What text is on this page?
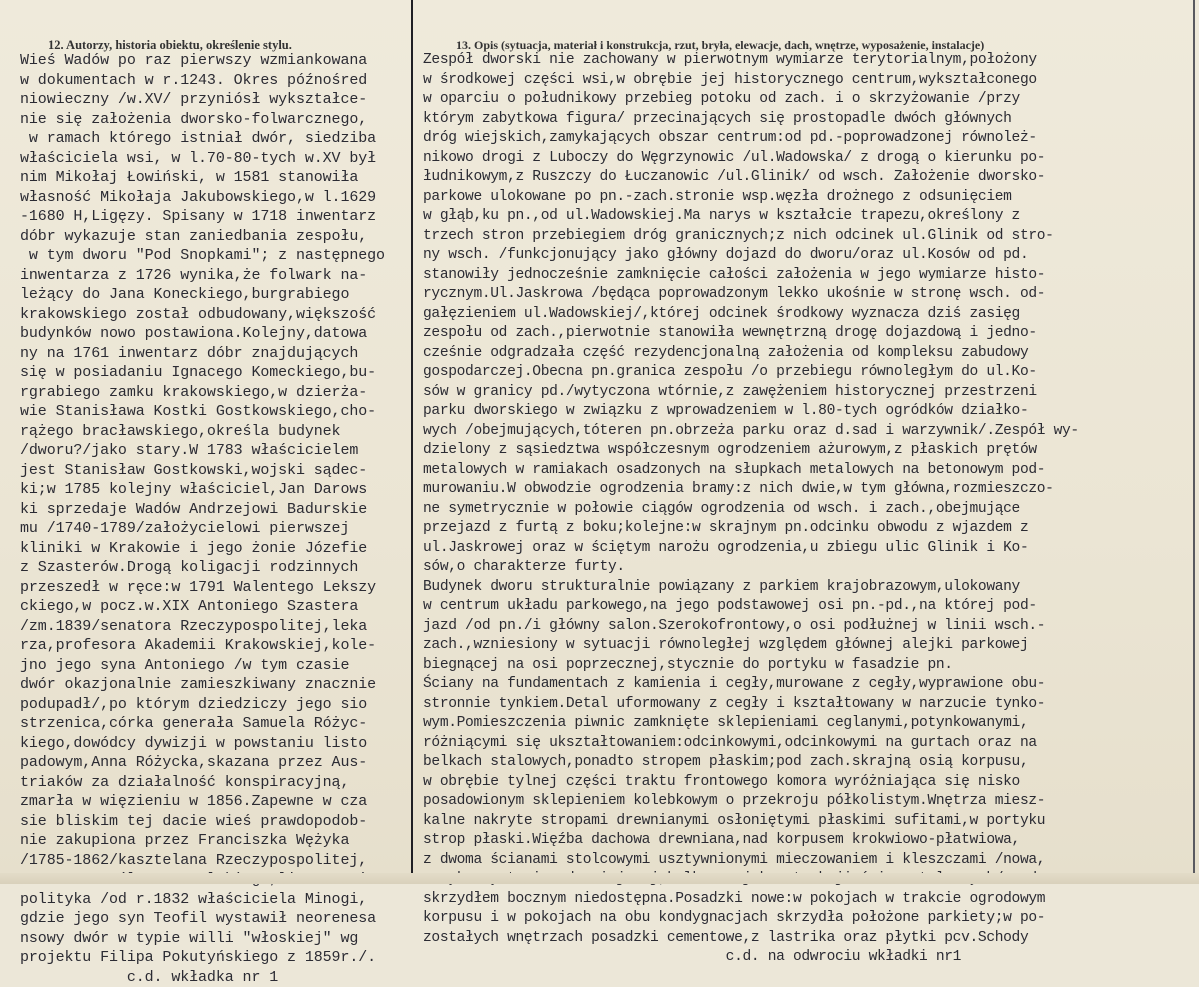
12. Autorzy, historia obiektu, określenie stylu.	13. Opis (sytuacja, materiał i konstrukcja, rzut, bryła, elewacje, dach, wnętrze, wyposażenie, instalacje)
Wieś Wadów po raz pierwszy wzmiankowana
w dokumentach w r.1243. Okres późnośred
niowieczny /w.XV/ przyniósł wykształce-
nie się założenia dworsko-folwarcznego,
w ramach którego istniał dwór, siedziba
właściciela wsi, w l.70-80-tych w.XV był
nim Mikołaj Łowiński, w 1581 stanowiła
własność Mikołaja Jakubowskiego,w l.1629
-1680 H,Ligęzy. Spisany w 1718 inwentarz
dóbr wykazuje stan zaniedbania zespołu,
w tym dworu "Pod Snopkami"; z następnego
inwentarza z 1726 wynika,że folwark na-
leżący do Jana Koneckiego,burgrabiego
krakowskiego został odbudowany,większość
budynków nowo postawiona.Kolejny,datowa
ny na 1761 inwentarz dóbr znajdujących
się w posiadaniu Ignacego Komeckiego,bu-
rgrabiego zamku krakowskiego,w dzierża-
wie Stanisława Kostki Gostkowskiego,cho-
rążego bracławskiego,określa budynek
/dworu?/jako stary.W 1783 właścicielem
jest Stanisław Gostkowski,wojski sądec-
ki;w 1785 kolejny właściciel,Jan Darows
ki sprzedaje Wadów Andrzejowi Badurskie
mu /1740-1789/założycielowi pierwszej
kliniki w Krakowie i jego żonie Józefie
z Szasterów.Drogą koligacji rodzinnych
przeszedł w ręce:w 1791 Walentego Lekszy
ckiego,w pocz.w.XIX Antoniego Szastera
/zm.1839/senatora Rzeczypospolitej,leka
rza,profesora Akademii Krakowskiej,kole-
jno jego syna Antoniego /w tym czasie
dwór okazjonalnie zamieszkiwany znacznie
podupadł/,po którym dziedziczy jego sio
strzenica,córka generała Samuela Różyc-
kiego,dowódcy dywizji w powstaniu listo
padowym,Anna Różycka,skazana przez Aus-
triaków za działalność konspiracyjną,
zmarła w więzieniu w 1856.Zapewne w cza
sie bliskim tej dacie wieś prawdopodob-
nie zakupiona przez Franciszka Wężyka
/1785-1862/kasztelana Rzeczypospolitej,
polityka /od r.1832 właściciela Minogi,
gdzie jego syn Teofil wystawił neorenesa
nsowy dwór w typie willi "włoskiej" wg
projektu Filipa Pokutyńskiego z 1859r./.
c.d. wkładka nr 1
Zespół dworski nie zachowany w pierwotnym wymiarze terytorialnym,położony
w środkowej części wsi,w obrębie jej historycznego centrum,wykształconego
w oparciu o południkowy przebieg potoku od zach. i o skrzyżowanie /przy
którym zabytkowa figura/ przecinających się prostopadle dwóch głównych
dróg wiejskich,zamykających obszar centrum:od pd.-poprowadzonej równoleż-
nikowo drogi z Luboczy do Węgrzynowic /ul.Wadowska/ z drogą o kierunku po-
łudnikowym,z Ruszczy do Łuczanowic /ul.Glinik/ od wsch. Założenie dworsko-
parkowe ulokowane po pn.-zach.stronie wsp.węzła drożnego z odsunięciem
w głąb,ku pn.,od ul.Wadowskiej.Ma narys w kształcie trapezu,określony z
trzech stron przebiegiem dróg granicznych;z nich odcinek ul.Glinik od stro-
ny wsch. /funkcjonujący jako główny dojazd do dworu/oraz ul.Kosów od pd.
stanowiły jednocześnie zamknięcie całości założenia w jego wymiarze histo-
rycznym.Ul.Jaskrowa /będąca poprowadzonym lekko ukośnie w stronę wsch. od-
gałęzieniem ul.Wadowskiej/,której odcinek środkowy wyznacza dziś zasięg
zespołu od zach.,pierwotnie stanowiła wewnętrzną drogę dojazdową i jedno-
cześnie odgradzała część rezydencjonalną założenia od kompleksu zabudowy
gospodarczej.Obecna pn.granica zespołu /o przebiegu równoległym do ul.Ko-
sów w granicy pd./wytyczona wtórnie,z zawężeniem historycznej przestrzeni
parku dworskiego w związku z wprowadzeniem w l.80-tych ogródków działko-
wych /obejmujących,tóteren pn.obrzeża parku oraz d.sad i warzywnik/.Zespół wy-
dzielony z sąsiedztwa współczesnym ogrodzeniem ażurowym,z płaskich prętów
metalowych w ramiakach osadzonych na słupkach metalowych na betonowym pod-
murowaniu.W obwodzie ogrodzenia bramy:z nich dwie,w tym główna,rozmieszczo-
ne symetrycznie w połowie ciągów ogrodzenia od wsch. i zach.,obejmujące
przejazd z furtą z boku;kolejne:w skrajnym pn.odcinku obwodu z wjazdem z
ul.Jaskrowej oraz w ściętym narożu ogrodzenia,u zbiegu ulic Glinik i Ko-
sów,o charakterze furty.
Budynek dworu strukturalnie powiązany z parkiem krajobrazowym,ulokowany
w centrum układu parkowego,na jego podstawowej osi pn.-pd.,na której pod-
jazd /od pn./i główny salon.Szerokofrontowy,o osi podłużnej w linii wsch.-
zach.,wzniesiony w sytuacji równoległej względem głównej alejki parkowej
biegnącej na osi poprzecznej,stycznie do portyku w fasadzie pn.
Ściany na fundamentach z kamienia i cegły,murowane z cegły,wyprawione obu-
stronnie tynkiem.Detal uformowany z cegły i kształtowany w narzucie tynko-
wym.Pomieszczenia piwnic zamknięte sklepieniami ceglanymi,potynkowanymi,
różniącymi się ukształtowaniem:odcinkowymi,odcinkowymi na gurtach oraz na
belkach stalowych,ponadto stropem płaskim;pod zach.skrajną osią korpusu,
w obrębie tylnej części traktu frontowego komora wyróżniająca się nisko
posadowionym sklepieniem kolebkowym o przekroju półkolistym.Wnętrza miesz-
kalne nakryte stropami drewnianymi osłoniętymi płaskimi sufitami,w portyku
strop płaski.Więźba dachowa drewniana,nad korpusem krokwiowo-płatwiowa,
z dwoma ścianami stolcowymi usztywnionymi mieczowaniem i kleszczami /nowa,
skrzydłem bocznym niedostępna.Posadzki nowe:w pokojach w trakcie ogrodowym
korpusu i w pokojach na obu kondygnacjach skrzydła położone parkiety;w po-
zostałych wnętrzach posadzki cementowe,z lastrika oraz płytki pcv.Schody
c.d. na odwrociu wkładki nr1
